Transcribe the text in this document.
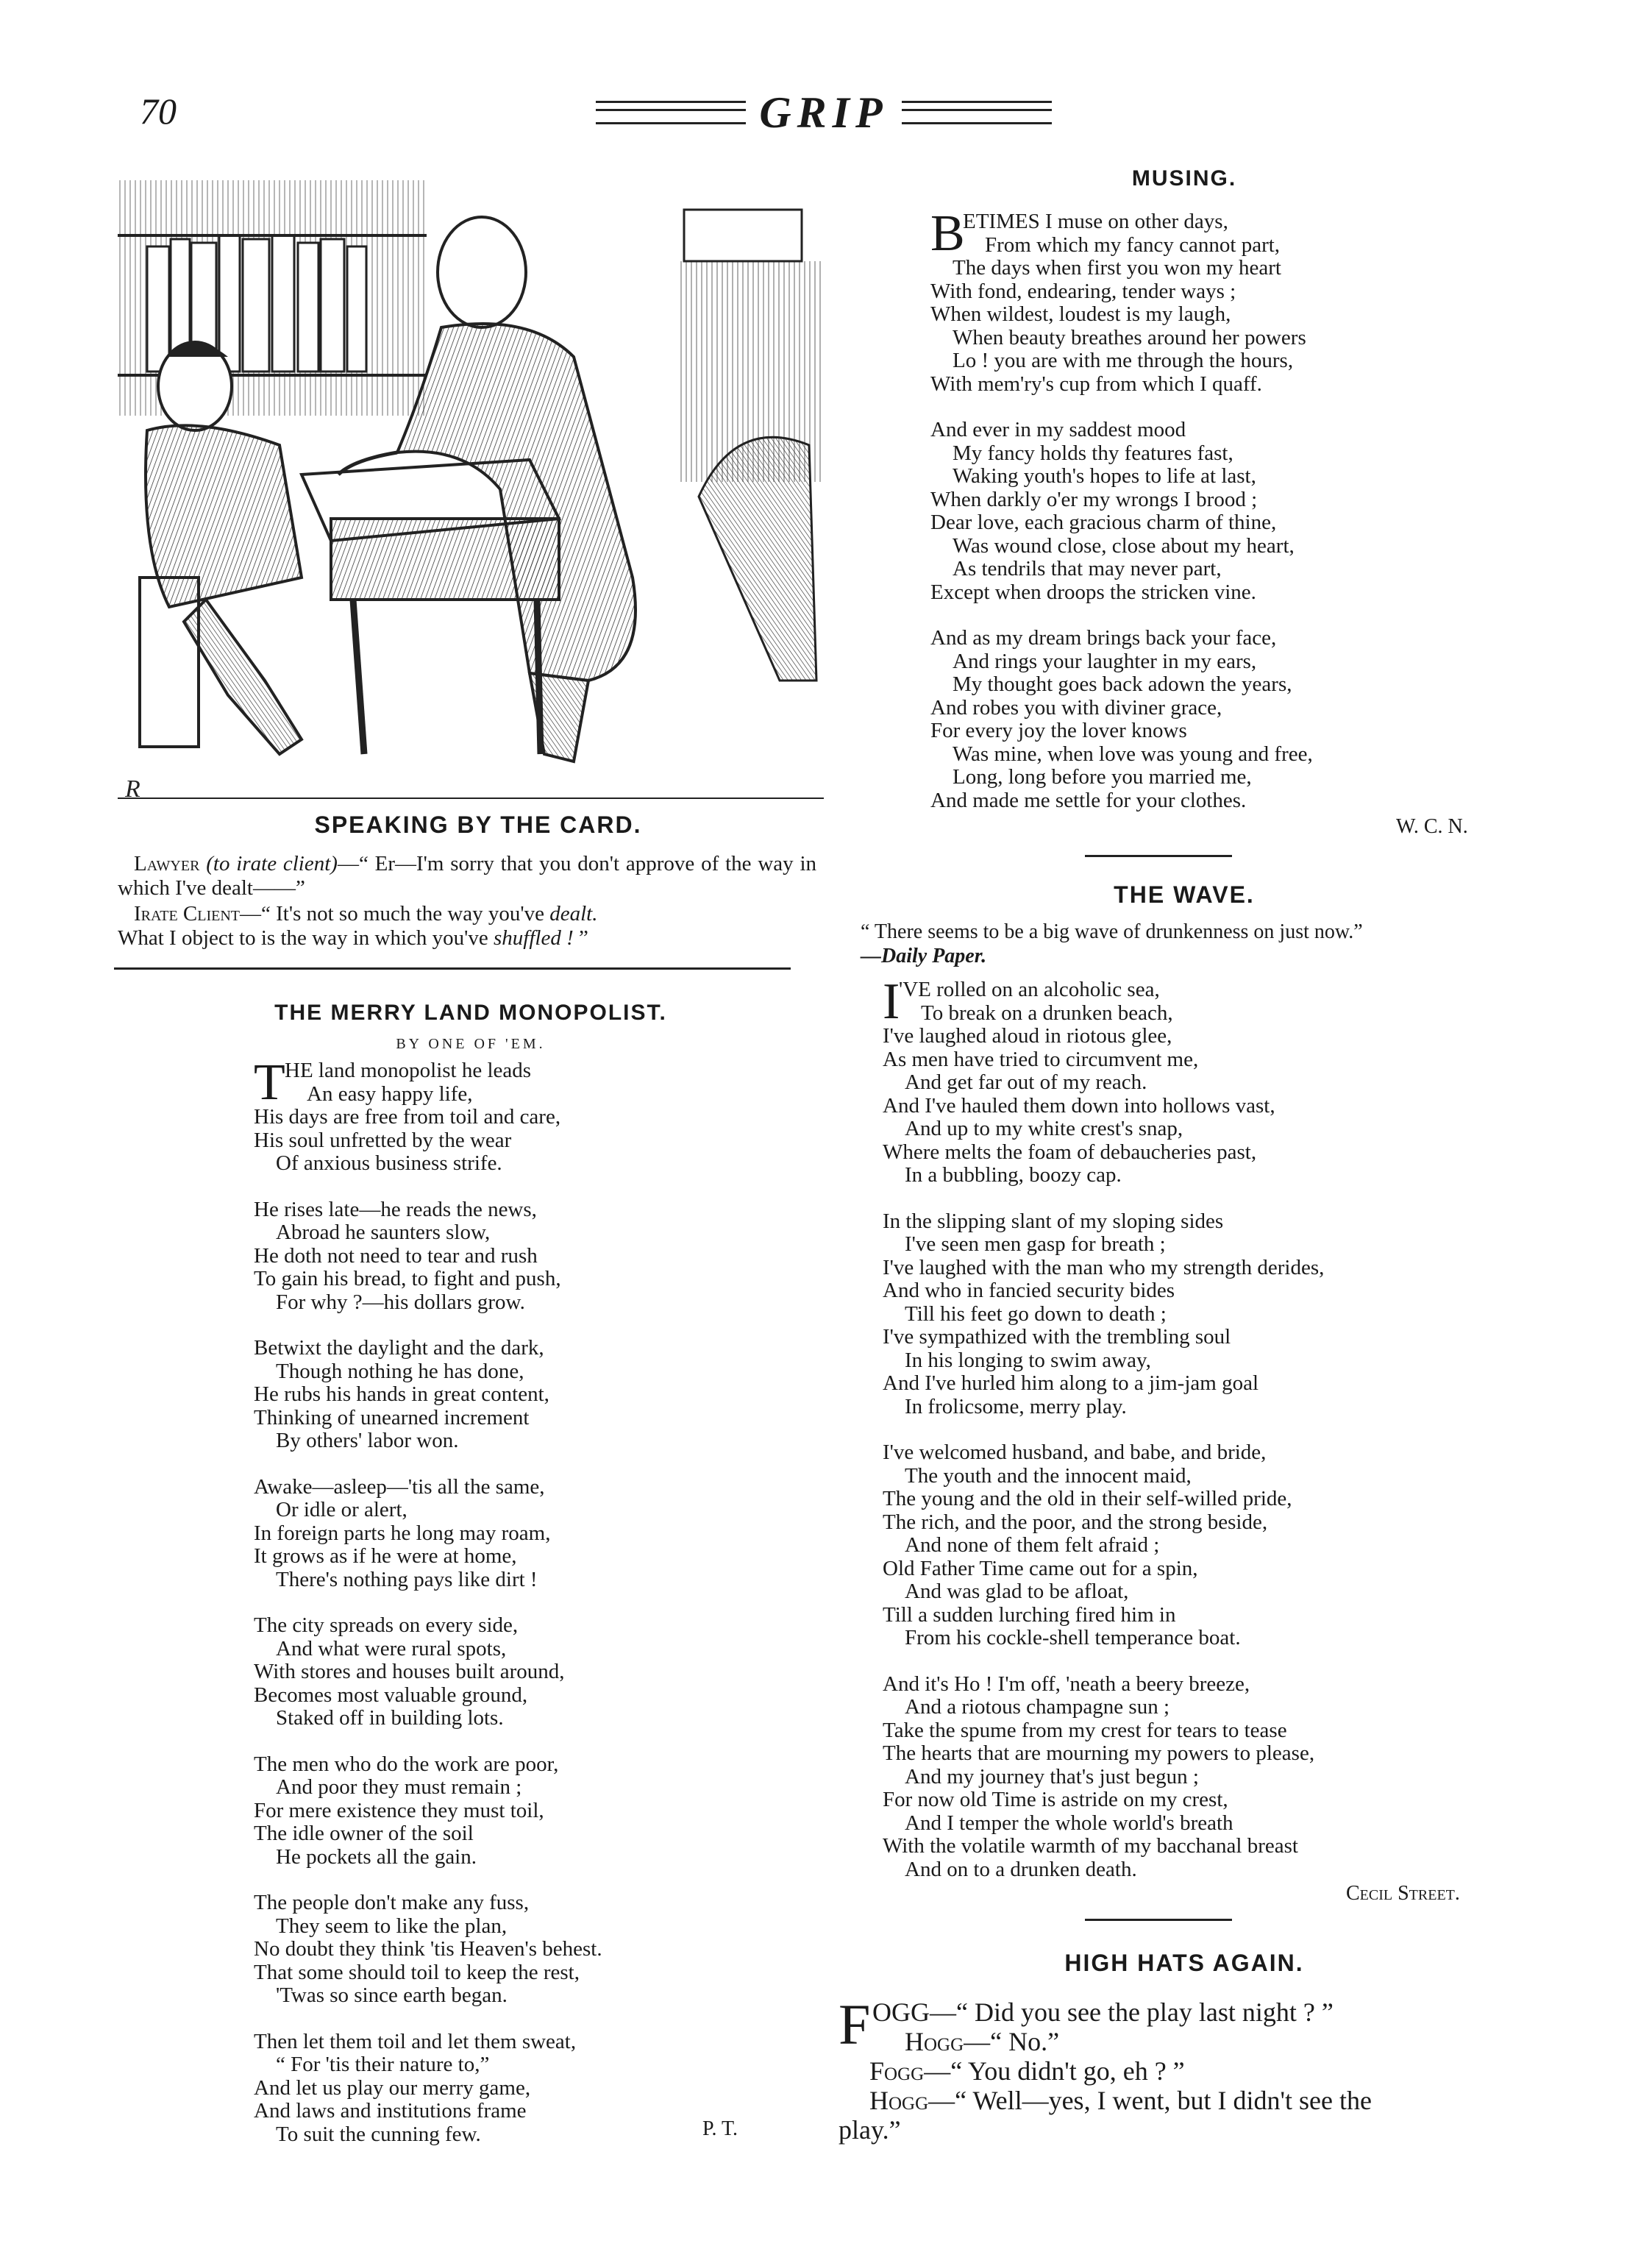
70	GRIP
R
SPEAKING BY THE CARD.
Lawyer (to irate client)—“ Er—I'm sorry that you don't approve of the way in which I've dealt——”
Irate Client—“ It's not so much the way you've dealt.
What I object to is the way in which you've shuffled ! ”
THE MERRY LAND MONOPOLIST.
BY ONE OF 'EM.
T HE land monopolist he leads
An easy happy life,
His days are free from toil and care,
His soul unfretted by the wear
Of anxious business strife.
He rises late—he reads the news,
Abroad he saunters slow,
He doth not need to tear and rush
To gain his bread, to fight and push,
For why ?—his dollars grow.
Betwixt the daylight and the dark,
Though nothing he has done,
He rubs his hands in great content,
Thinking of unearned increment
By others' labor won.
Awake—asleep—'tis all the same,
Or idle or alert,
In foreign parts he long may roam,
It grows as if he were at home,
There's nothing pays like dirt !
The city spreads on every side,
And what were rural spots,
With stores and houses built around,
Becomes most valuable ground,
Staked off in building lots.
The men who do the work are poor,
And poor they must remain ;
For mere existence they must toil,
The idle owner of the soil
He pockets all the gain.
The people don't make any fuss,
They seem to like the plan,
No doubt they think 'tis Heaven's behest.
That some should toil to keep the rest,
'Twas so since earth began.
Then let them toil and let them sweat,
“ For 'tis their nature to,”
And let us play our merry game,
And laws and institutions frame
To suit the cunning few.	P. T.
MUSING.
B
ETIMES I muse on other days,
From which my fancy cannot part,
The days when first you won my heart
With fond, endearing, tender ways ;
When wildest, loudest is my laugh,
When beauty breathes around her powers
Lo ! you are with me through the hours,
With mem'ry's cup from which I quaff.
And ever in my saddest mood
My fancy holds thy features fast,
Waking youth's hopes to life at last,
When darkly o'er my wrongs I brood ;
Dear love, each gracious charm of thine,
Was wound close, close about my heart,
As tendrils that may never part,
Except when droops the stricken vine.
And as my dream brings back your face,
And rings your laughter in my ears,
My thought goes back adown the years,
And robes you with diviner grace,
For every joy the lover knows
Was mine, when love was young and free,
Long, long before you married me,
And made me settle for your clothes.
W. C. N.
THE WAVE.
“ There seems to be a big wave of drunkenness on just now.”
—Daily Paper.
I
'VE rolled on an alcoholic sea,
To break on a drunken beach,
I've laughed aloud in riotous glee,
As men have tried to circumvent me,
And get far out of my reach.
And I've hauled them down into hollows vast,
And up to my white crest's snap,
Where melts the foam of debaucheries past,
In a bubbling, boozy cap.
In the slipping slant of my sloping sides
I've seen men gasp for breath ;
I've laughed with the man who my strength derides,
And who in fancied security bides
Till his feet go down to death ;
I've sympathized with the trembling soul
In his longing to swim away,
And I've hurled him along to a jim-jam goal
In frolicsome, merry play.
I've welcomed husband, and babe, and bride,
The youth and the innocent maid,
The young and the old in their self-willed pride,
The rich, and the poor, and the strong beside,
And none of them felt afraid ;
Old Father Time came out for a spin,
And was glad to be afloat,
Till a sudden lurching fired him in
From his cockle-shell temperance boat.
And it's Ho ! I'm off, 'neath a beery breeze,
And a riotous champagne sun ;
Take the spume from my crest for tears to tease
The hearts that are mourning my powers to please,
And my journey that's just begun ;
For now old Time is astride on my crest,
And I temper the whole world's breath
With the volatile warmth of my bacchanal breast
And on to a drunken death.
Cecil Street.
HIGH HATS AGAIN.
F OGG—“ Did you see the play last night ? ”
Hogg—“ No.”
Fogg—“ You didn't go, eh ? ”
Hogg—“ Well—yes, I went, but I didn't see the
play.”
